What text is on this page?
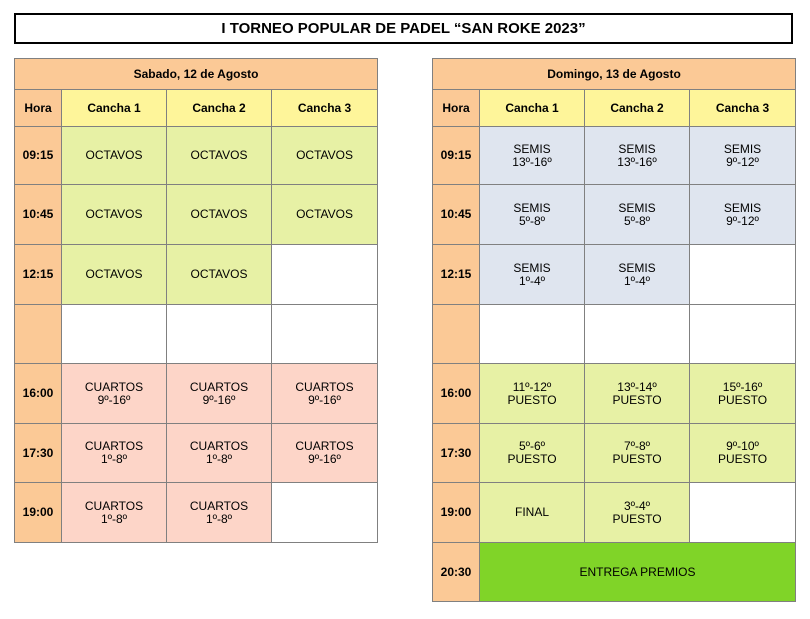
I TORNEO POPULAR DE PADEL “SAN ROKE 2023”
Sabado, 12 de Agosto			
Hora	Cancha 1	Cancha 2	Cancha 3
09:15	OCTAVOS	OCTAVOS	OCTAVOS

10:45	OCTAVOS	OCTAVOS	OCTAVOS

12:15	OCTAVOS	OCTAVOS	

16:00	CUARTOS
9º-16º	CUARTOS
9º-16º	CUARTOS
9º-16º

17:30	CUARTOS
1º-8º	CUARTOS
1º-8º	CUARTOS
9º-16º

19:00	CUARTOS
1º-8º	CUARTOS
1º-8º	

Domingo, 13 de Agosto			
Hora	Cancha 1	Cancha 2	Cancha 3
09:15	SEMIS
13º-16º	SEMIS
13º-16º	SEMIS
9º-12º

10:45	SEMIS
5º-8º	SEMIS
5º-8º	SEMIS
9º-12º

12:15	SEMIS
1º-4º	SEMIS
1º-4º	

16:00	11º-12º
PUESTO	13º-14º
PUESTO	15º-16º
PUESTO

17:30	5º-6º
PUESTO	7º-8º
PUESTO	9º-10º
PUESTO

19:00	FINAL	3º-4º
PUESTO	

20:30	ENTREGA PREMIOS		
